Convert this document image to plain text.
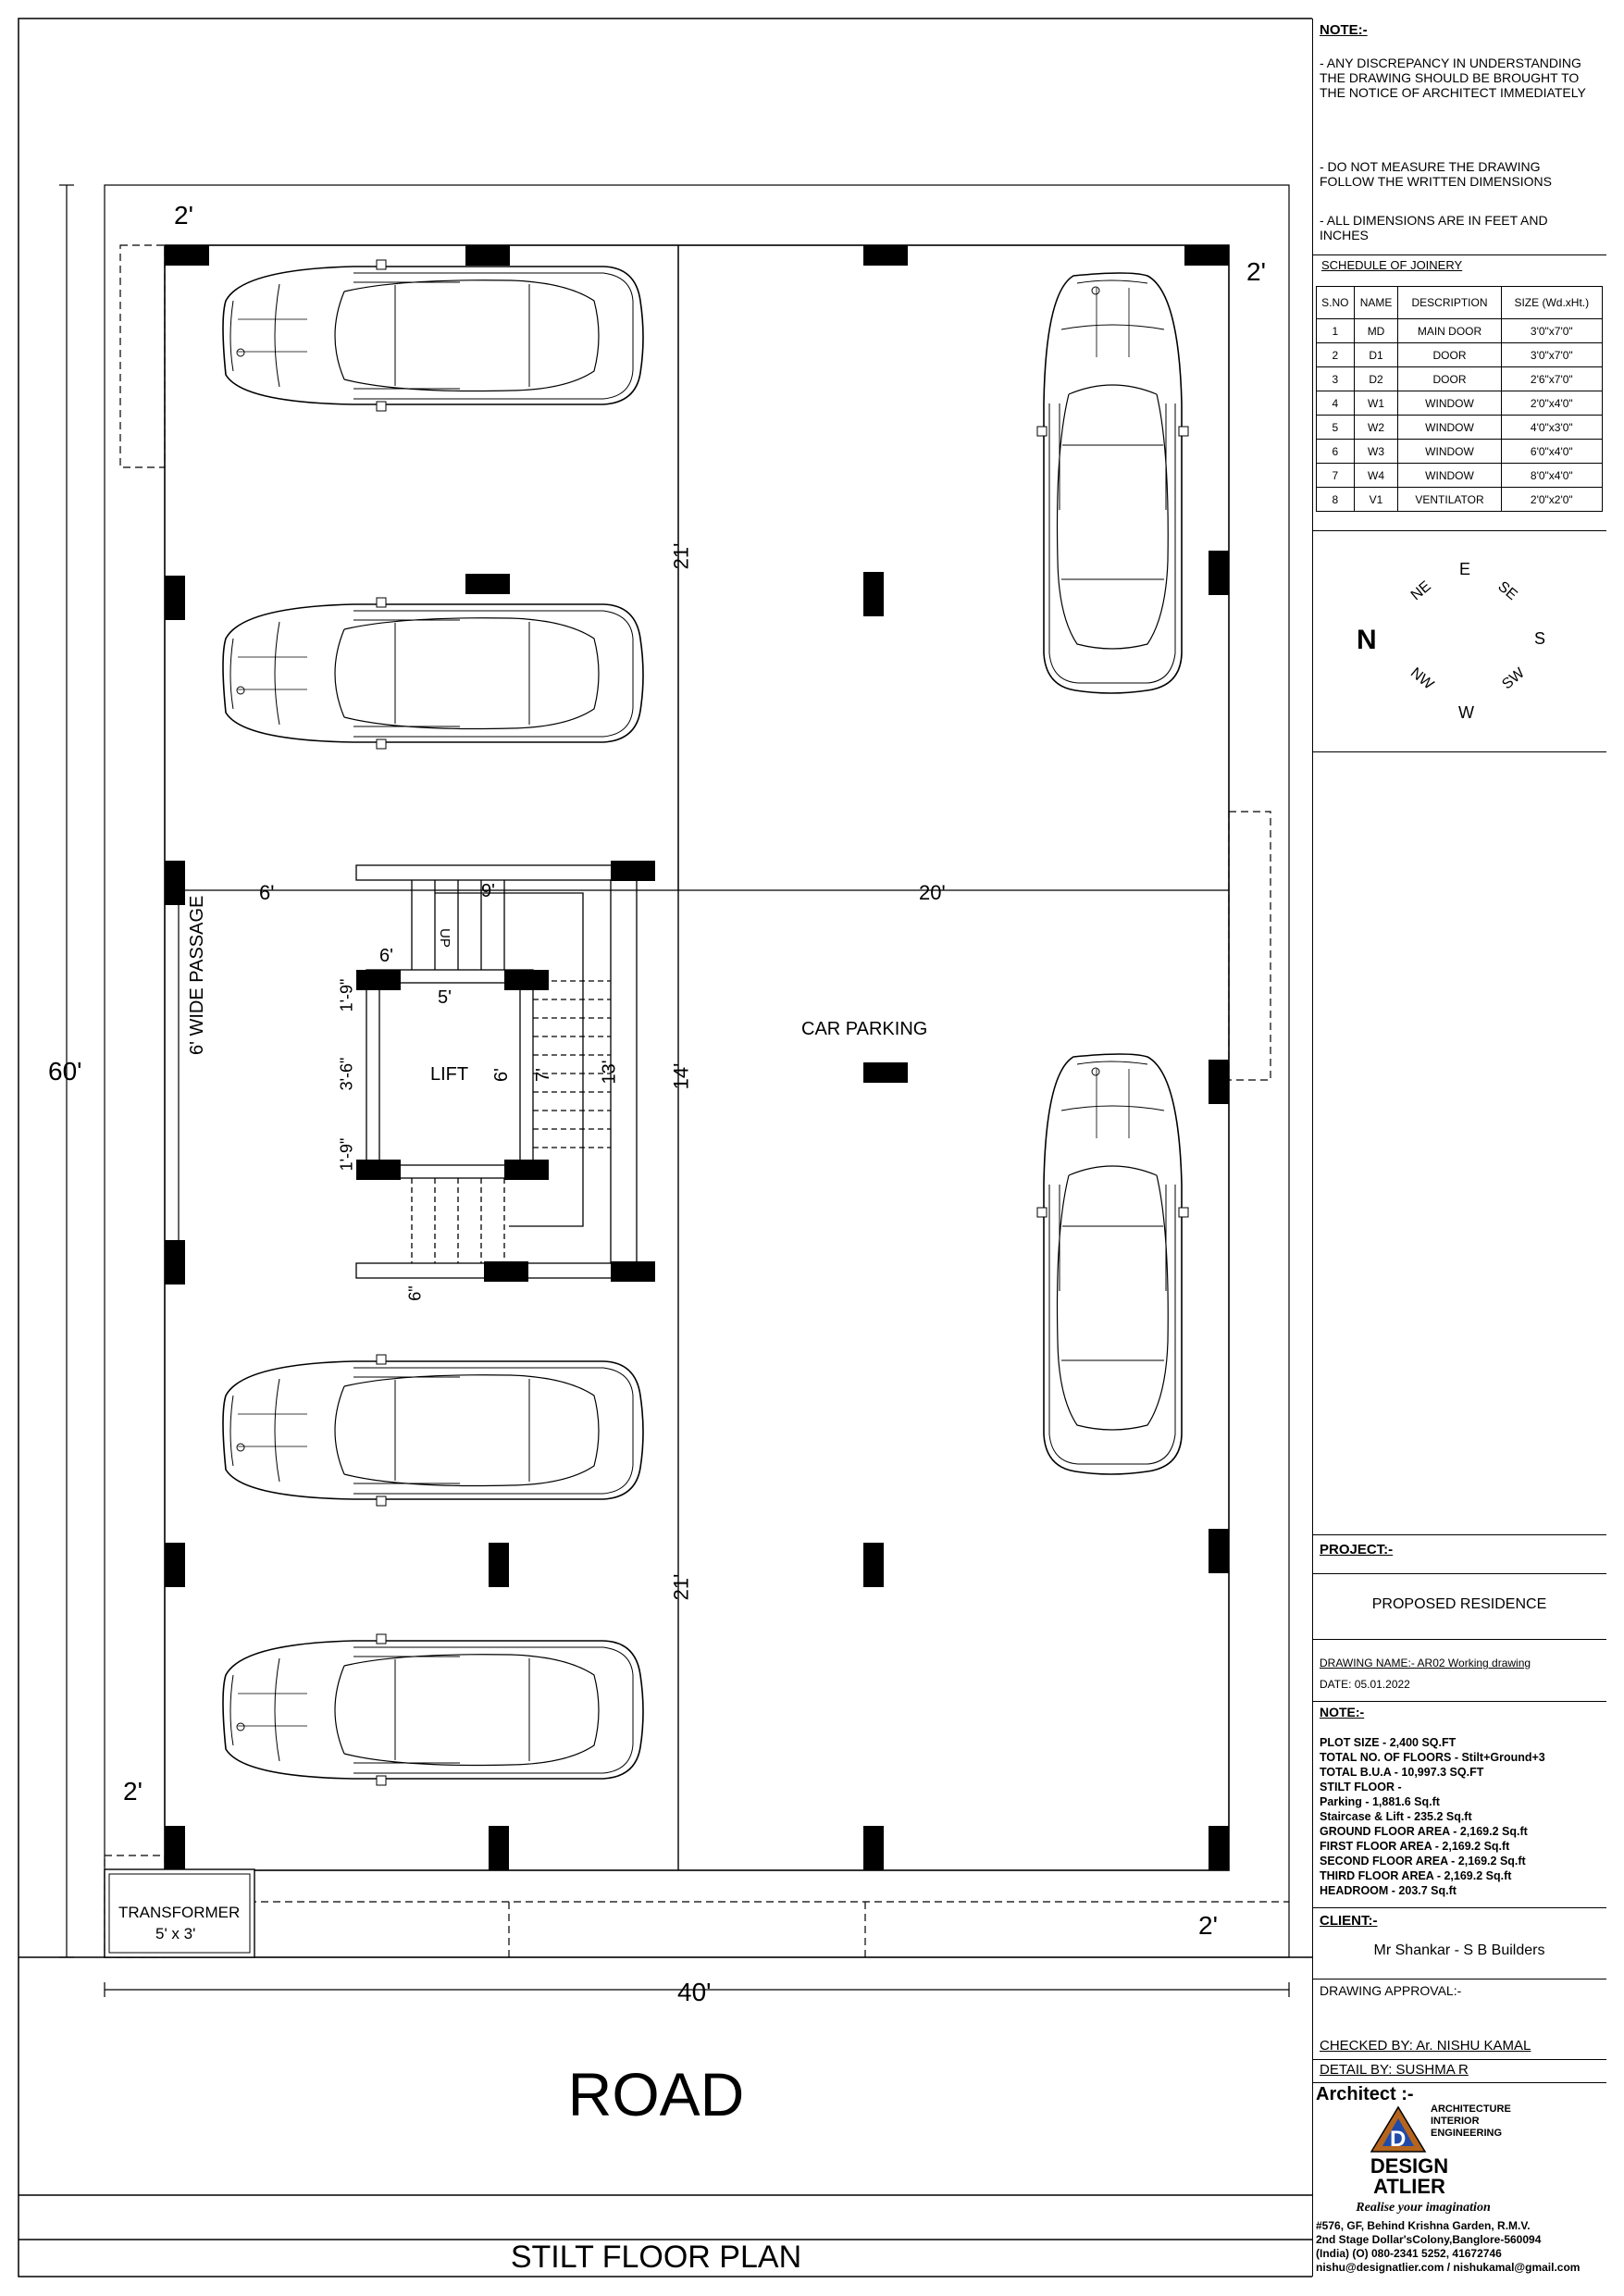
60'
40'
2'
2'
2'
2'
21'
21'
14'
20'
6'	9'
6'
5'
6' 7' 13'
1'-9"
3'-6"
1'-9"
6"
UP
LIFT
CAR PARKING
6' WIDE PASSAGE
TRANSFORMER
5' x 3'
ROAD
STILT FLOOR PLAN
NOTE:-
- ANY DISCREPANCY IN UNDERSTANDING THE DRAWING SHOULD BE BROUGHT TO THE NOTICE OF ARCHITECT IMMEDIATELY
- DO NOT MEASURE THE DRAWING FOLLOW THE WRITTEN DIMENSIONS
- ALL DIMENSIONS ARE IN FEET AND INCHES
SCHEDULE OF JOINERY
S.NO	NAME	DESCRIPTION	SIZE (Wd.xHt.)
1	MD	MAIN DOOR	3'0"x7'0"
2	D1	DOOR	3'0"x7'0"
3	D2	DOOR	2'6"x7'0"
4	W1	WINDOW	2'0"x4'0"
5	W2	WINDOW	4'0"x3'0"
6	W3	WINDOW	6'0"x4'0"
7	W4	WINDOW	8'0"x4'0"
8	V1	VENTILATOR	2'0"x2'0"
N
E
NE	SE
S
SW
W
NW
PROJECT:-
PROPOSED RESIDENCE
DRAWING NAME:- AR02 Working drawing
DATE: 05.01.2022
NOTE:-
PLOT SIZE - 2,400 SQ.FT
TOTAL NO. OF FLOORS - Stilt+Ground+3
TOTAL B.U.A - 10,997.3 SQ.FT
STILT FLOOR -
Parking - 1,881.6 Sq.ft
Staircase & Lift - 235.2 Sq.ft
GROUND FLOOR AREA - 2,169.2 Sq.ft
FIRST FLOOR AREA - 2,169.2 Sq.ft
SECOND FLOOR AREA - 2,169.2 Sq.ft
THIRD FLOOR AREA - 2,169.2 Sq.ft
HEADROOM - 203.7 Sq.ft
CLIENT:-
Mr Shankar - S B Builders
DRAWING APPROVAL:-
CHECKED BY: Ar. NISHU KAMAL
DETAIL BY: SUSHMA R
Architect :-
ARCHITECTURE
INTERIOR
ENGINEERING
D
DESIGN
ATLIER
Realise your imagination
#576, GF, Behind Krishna Garden, R.M.V.
2nd Stage Dollar'sColony,Banglore-560094
(India) (O) 080-2341 5252, 41672746
nishu@designatlier.com / nishukamal@gmail.com
